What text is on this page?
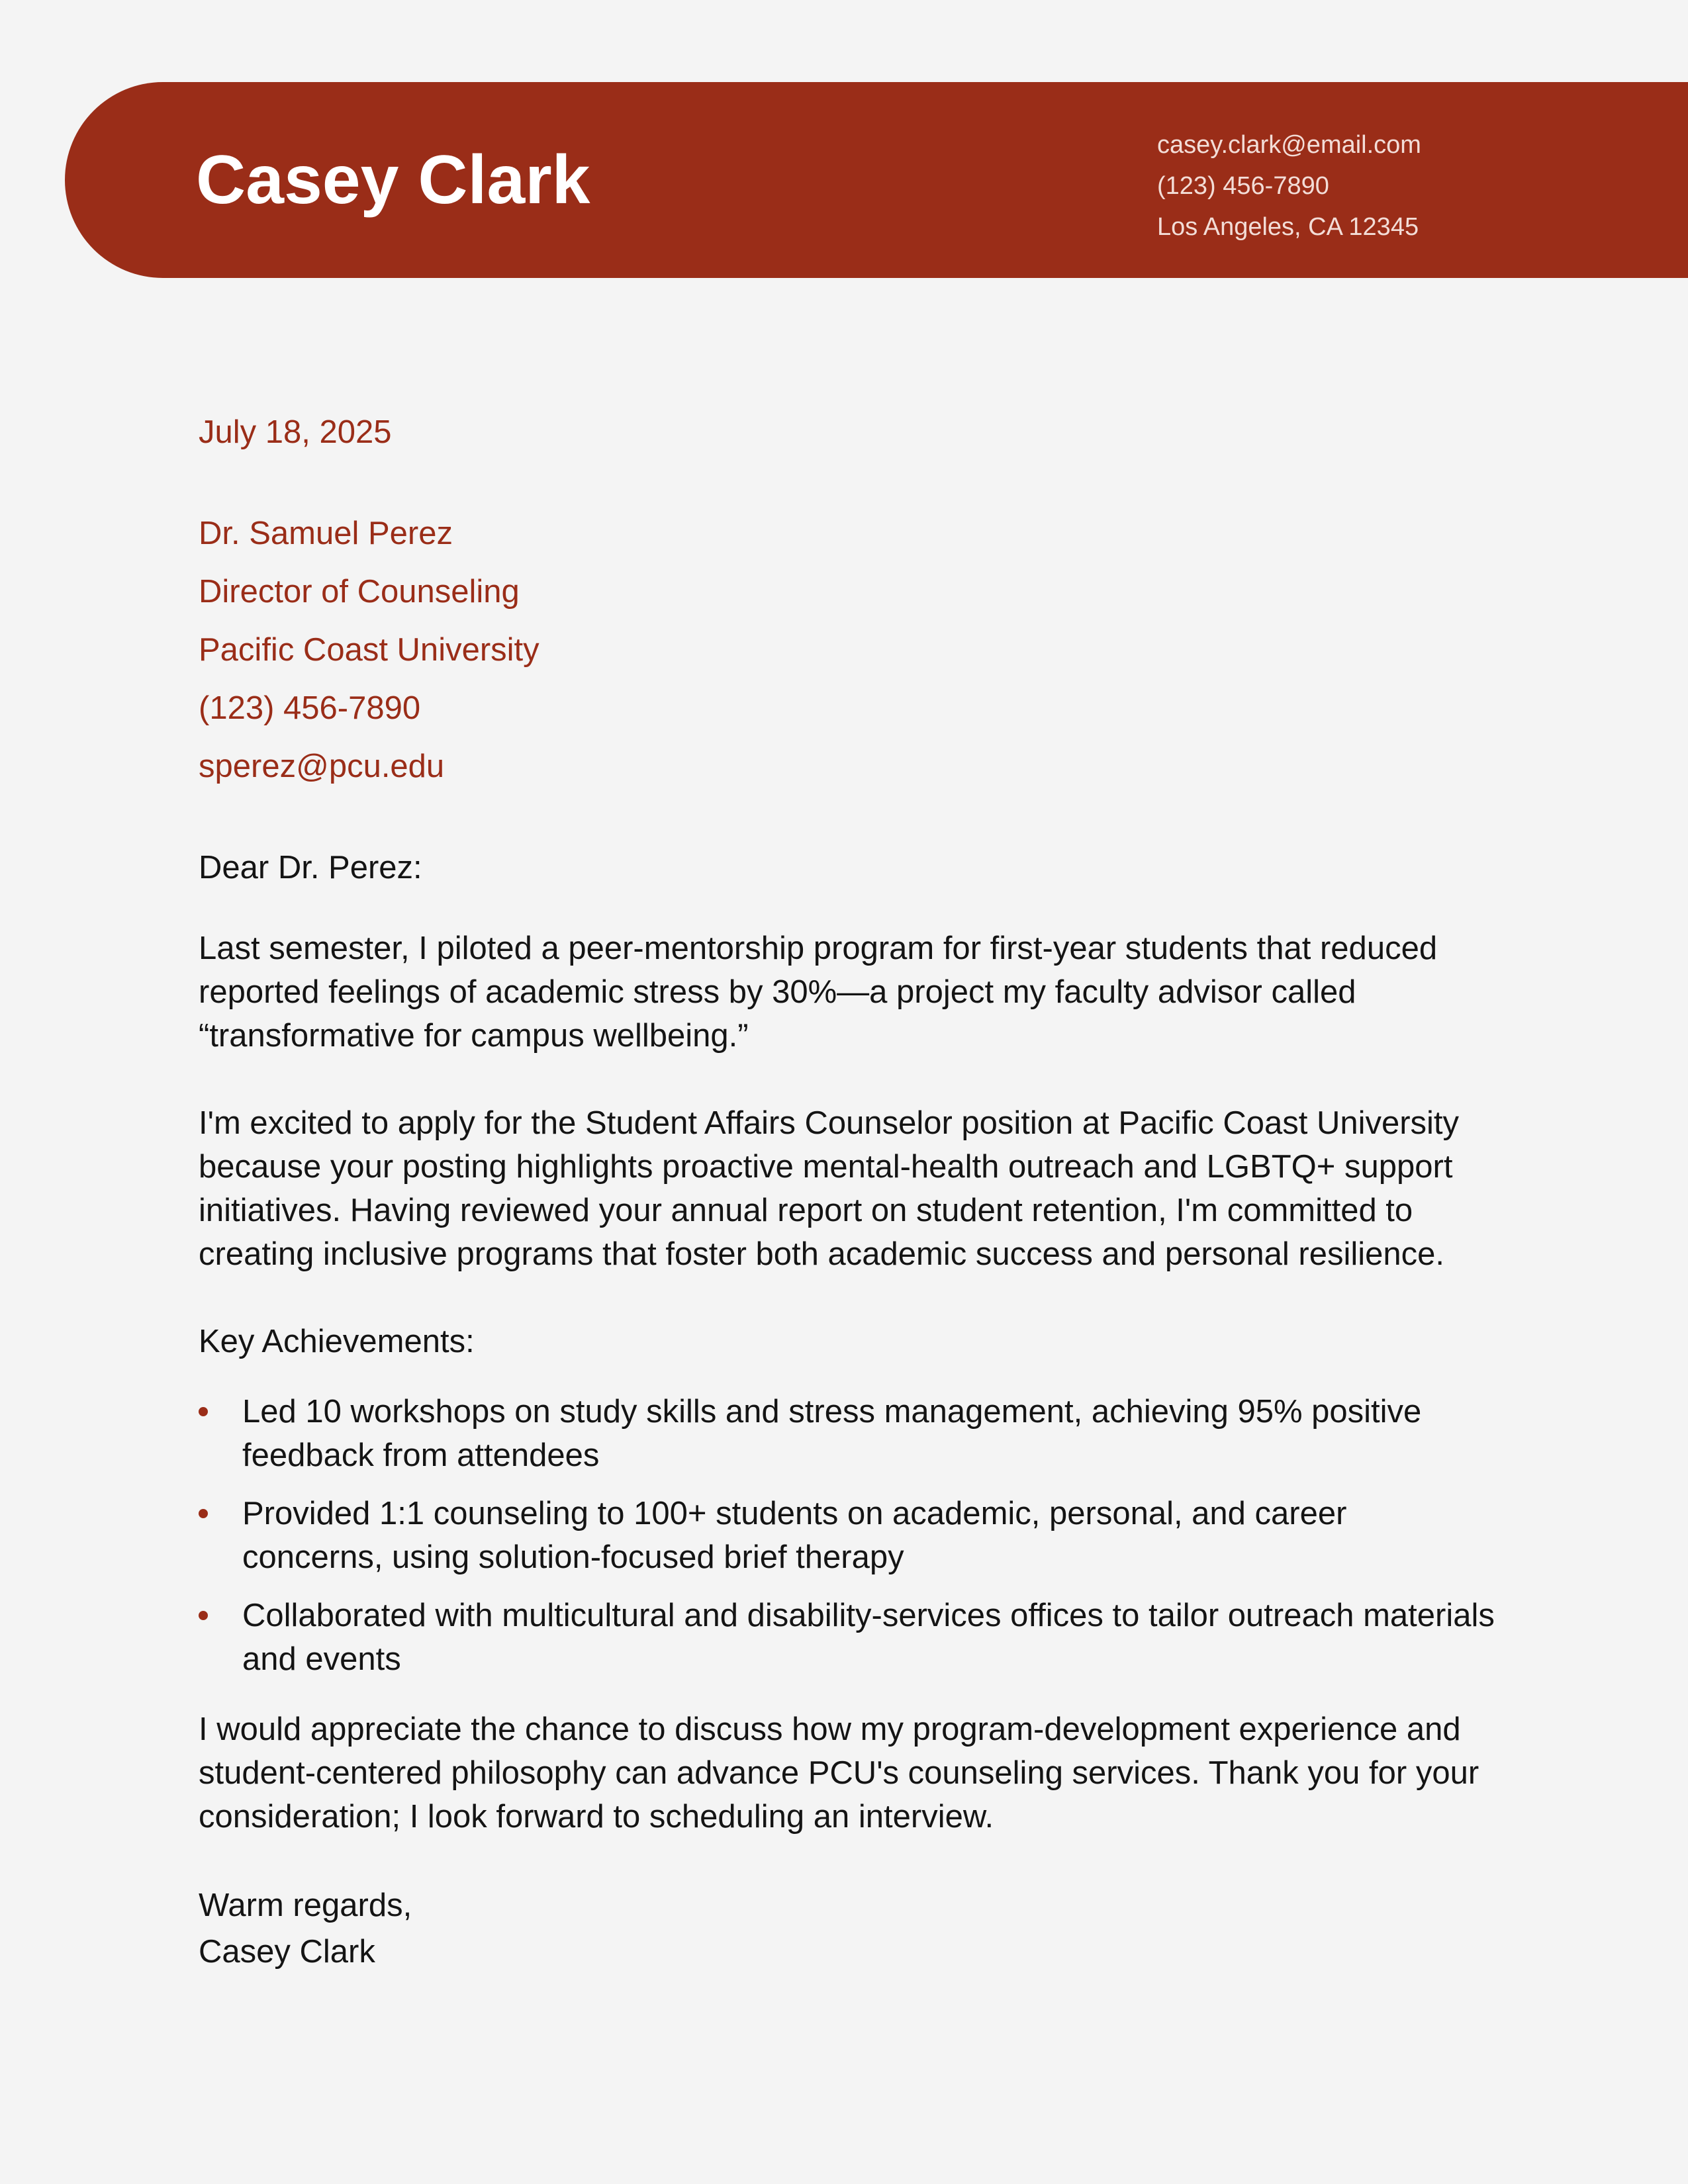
Casey Clark	casey.clark@email.com
(123) 456-7890
Los Angeles, CA 12345
July 18, 2025
Dr. Samuel Perez
Director of Counseling
Pacific Coast University
(123) 456-7890
sperez@pcu.edu
Dear Dr. Perez:

Last semester, I piloted a peer-mentorship program for first-year students that reduced reported feelings of academic stress by 30%—a project my faculty advisor called “transformative for campus wellbeing.”

I'm excited to apply for the Student Affairs Counselor position at Pacific Coast University because your posting highlights proactive mental-health outreach and LGBTQ+ support initiatives. Having reviewed your annual report on student retention, I'm committed to creating inclusive programs that foster both academic success and personal resilience.

Key Achievements:
Led 10 workshops on study skills and stress management, achieving 95% positive feedback from attendees
Provided 1:1 counseling to 100+ students on academic, personal, and career concerns, using solution-focused brief therapy
Collaborated with multicultural and disability-services offices to tailor outreach materials and events

I would appreciate the chance to discuss how my program-development experience and student-centered philosophy can advance PCU's counseling services. Thank you for your consideration; I look forward to scheduling an interview.

Warm regards,
Casey Clark
